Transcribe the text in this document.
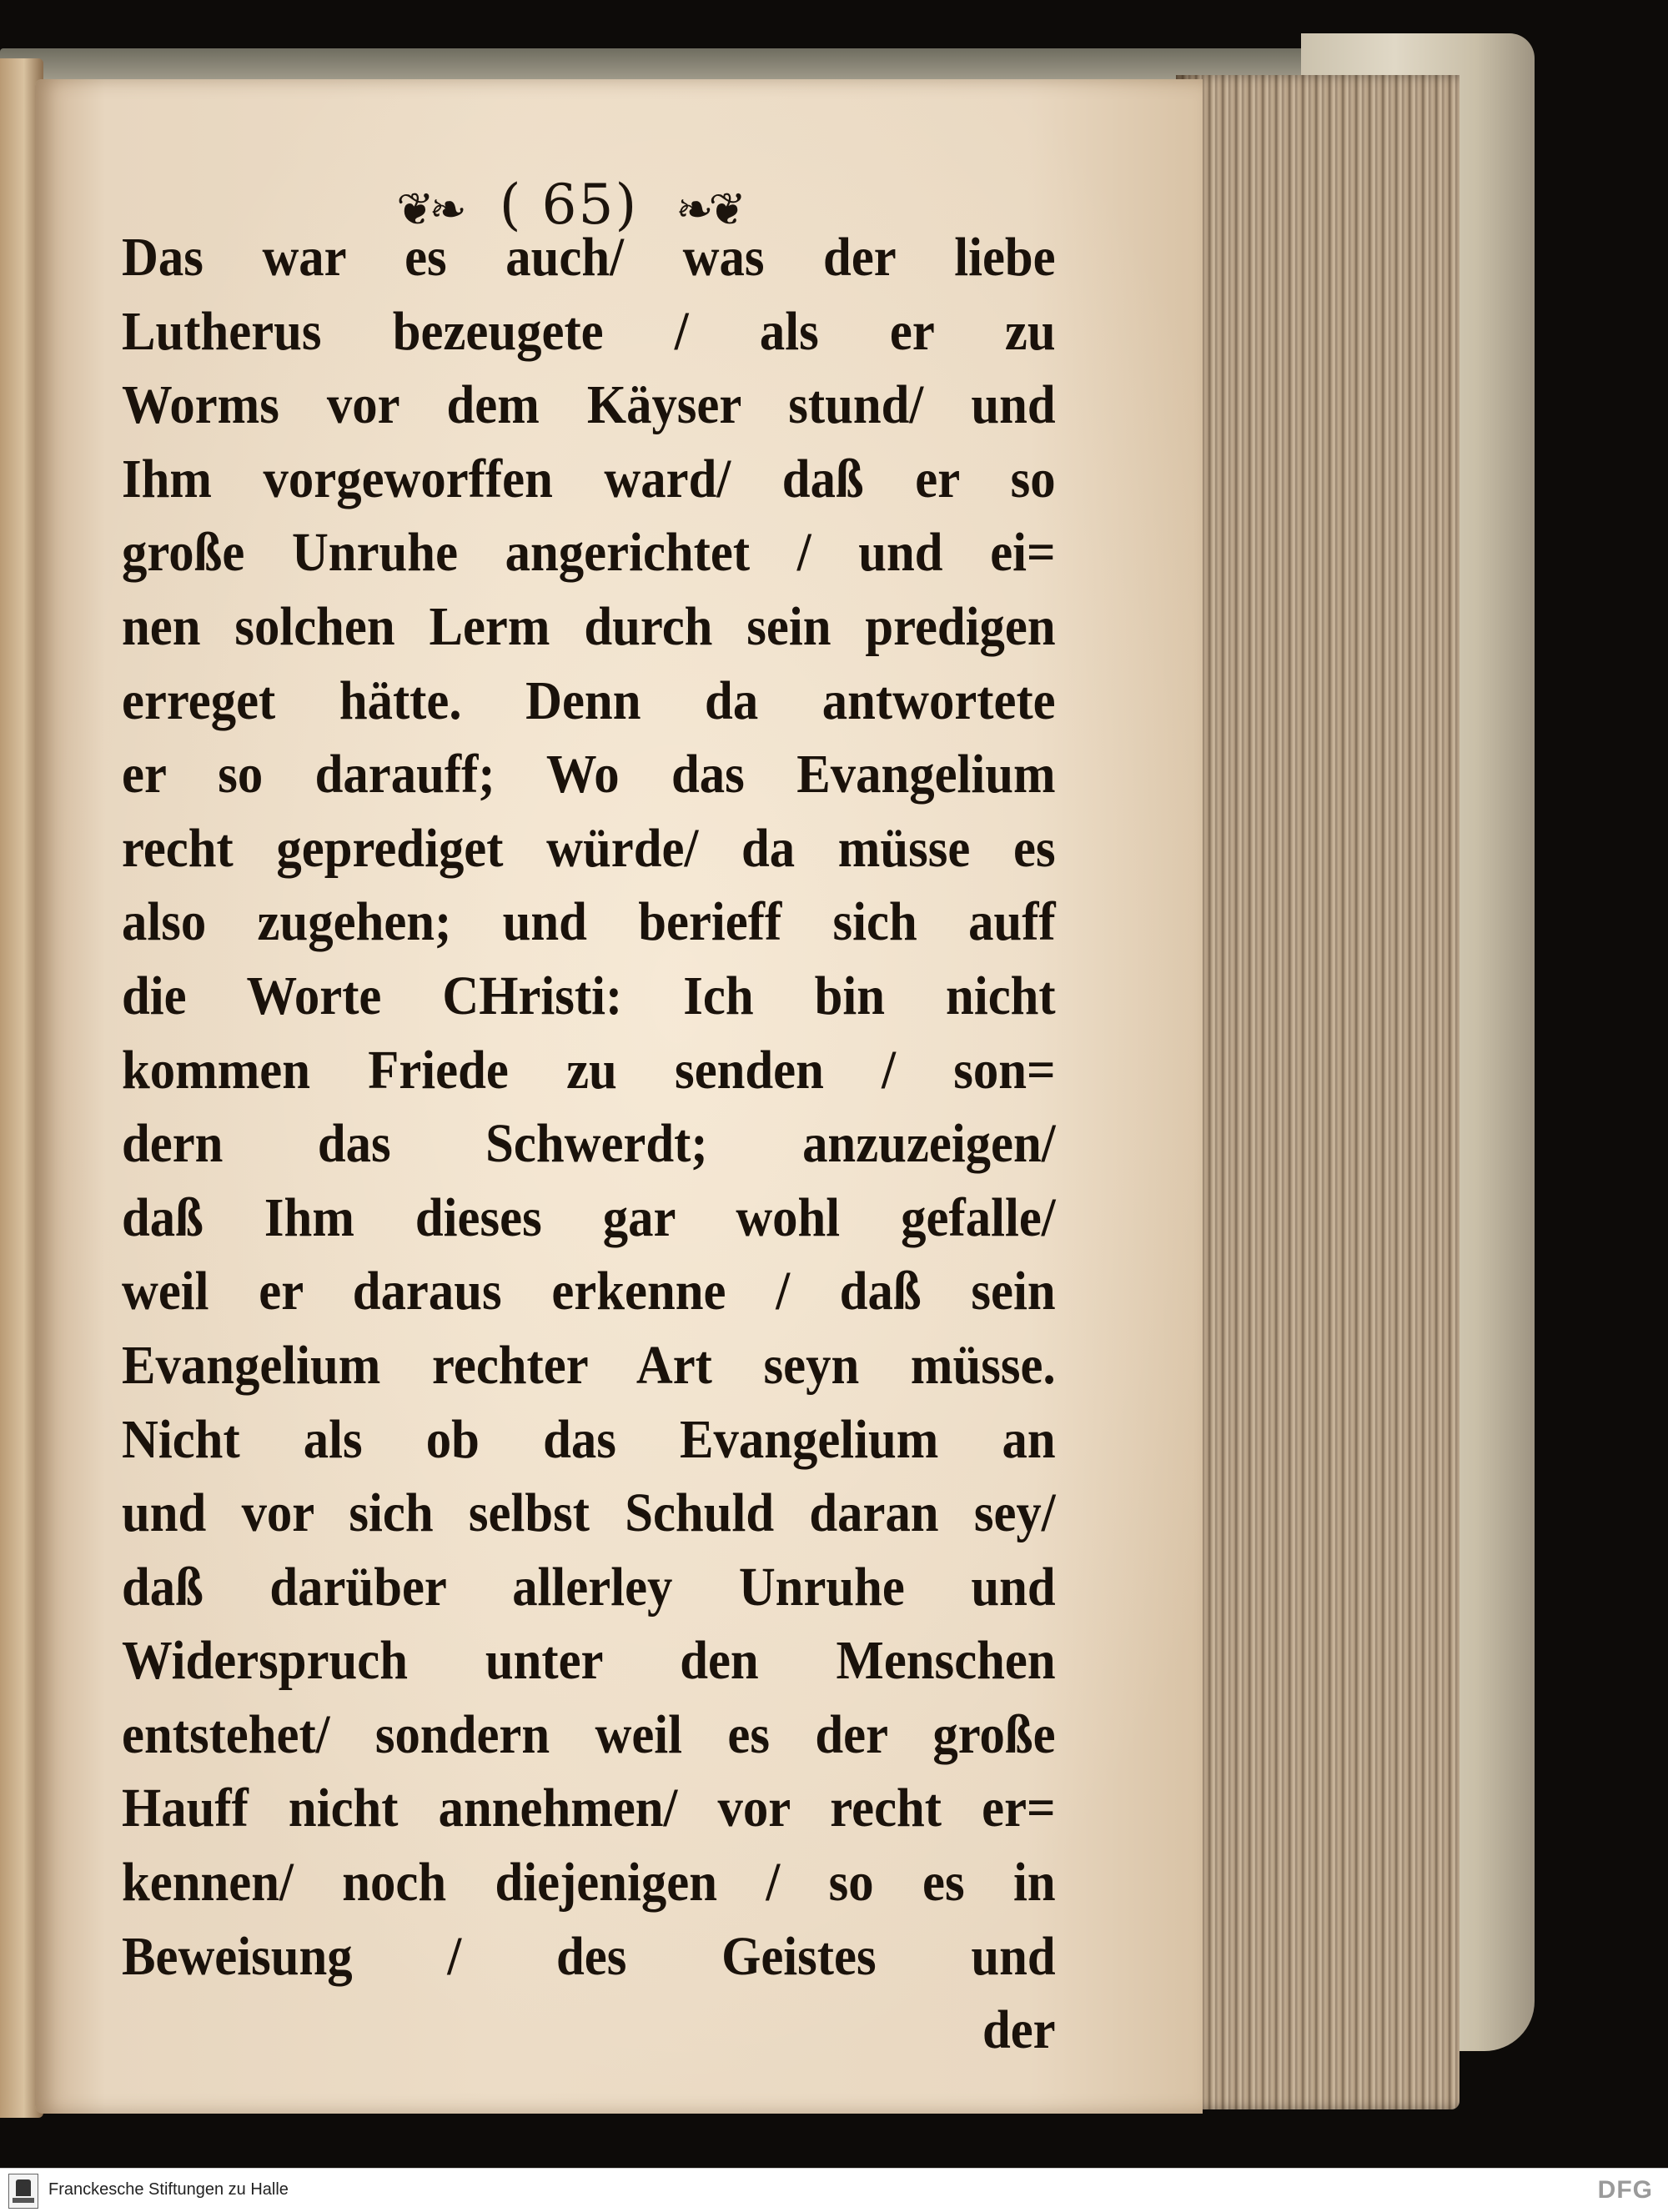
❦❧ ( 65) ❧❦
Das war es auch/ was der liebe
Lutherus bezeugete / als er zu
Worms vor dem Käyser stund/ und
Ihm vorgeworffen ward/ daß er so
große Unruhe angerichtet / und ei=
nen solchen Lerm durch sein predigen
erreget hätte. Denn da antwortete
er so darauff; Wo das Evangelium
recht geprediget würde/ da müsse es
also zugehen; und berieff sich auff
die Worte CHristi: Ich bin nicht
kommen Friede zu senden / son=
dern das Schwerdt; anzuzeigen/
daß Ihm dieses gar wohl gefalle/
weil er daraus erkenne / daß sein
Evangelium rechter Art seyn müsse.
Nicht als ob das Evangelium an
und vor sich selbst Schuld daran sey/
daß darüber allerley Unruhe und
Widerspruch unter den Menschen
entstehet/ sondern weil es der große
Hauff nicht annehmen/ vor recht er=
kennen/ noch diejenigen / so es in
Beweisung / des Geistes und
der
Franckesche Stiftungen zu Halle	DFG
